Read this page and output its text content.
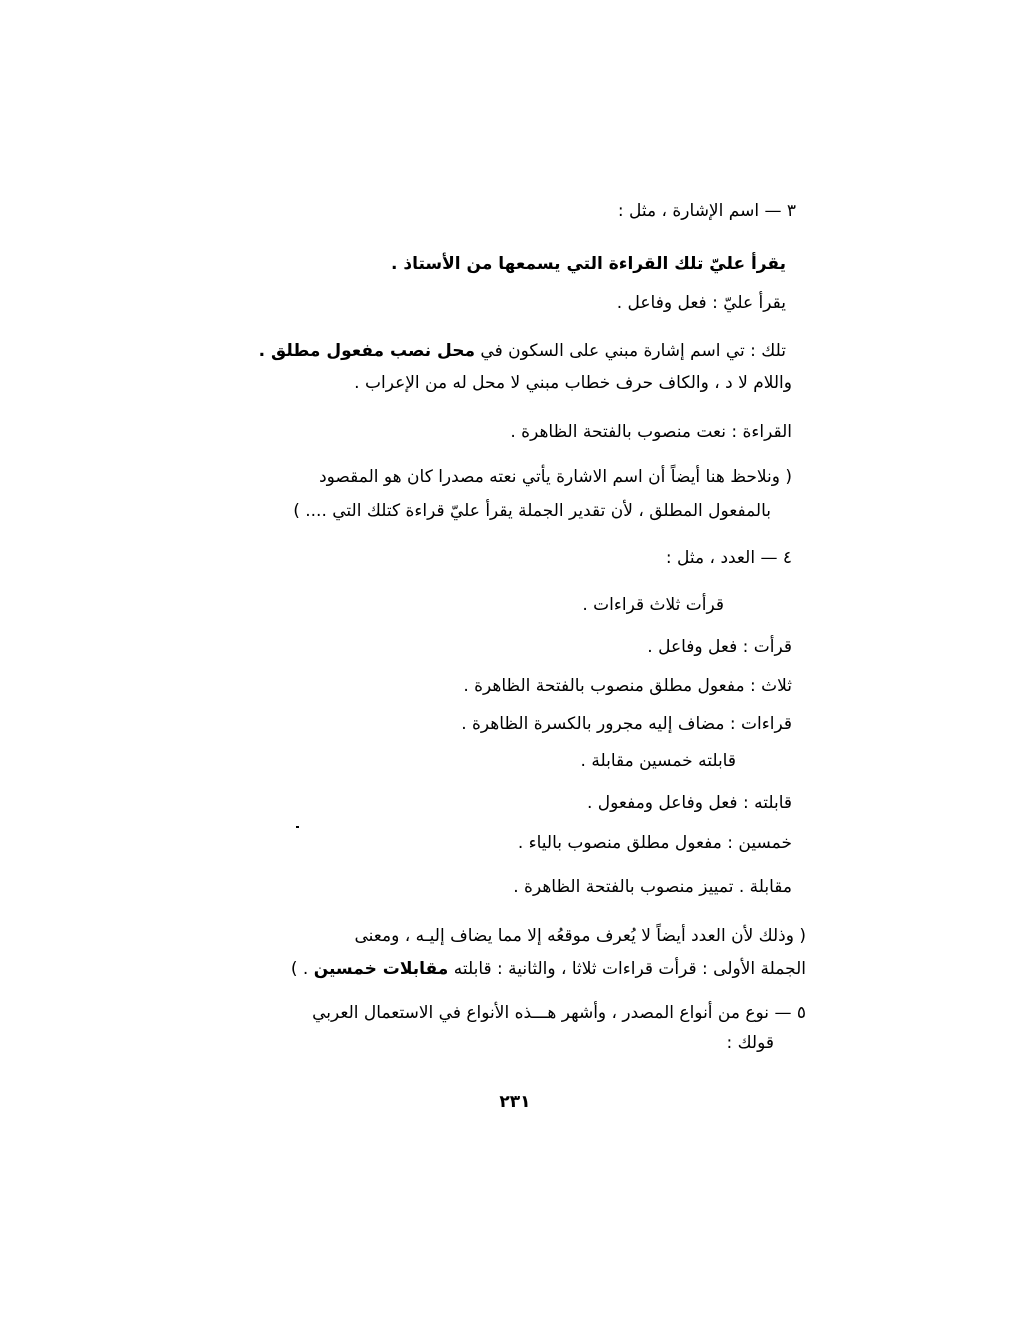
٣ — اسم الإشارة ، مثل :
يقرأ عليّ تلك القراءة التي يسمعها من الأستاذ .
يقرأ عليّ : فعل وفاعل .
تلك : تي اسم إشارة مبني على السكون في محل نصب مفعول مطلق .
واللام لا د ، والكاف حرف خطاب مبني لا محل له من الإعراب .
القراءة : نعت منصوب بالفتحة الظاهرة .
( ونلاحظ هنا أيضاً أن اسم الاشارة يأتي نعته مصدرا كان هو المقصود
بالمفعول المطلق ، لأن تقدير الجملة يقرأ عليّ قراءة كتلك التي .... )
٤ — العدد ، مثل :
قرأت ثلاث قراءات .
قرأت : فعل وفاعل .
ثلاث : مفعول مطلق منصوب بالفتحة الظاهرة .
قراءات : مضاف إليه مجرور بالكسرة الظاهرة .
قابلته خمسين مقابلة .
قابلته : فعل وفاعل ومفعول .
خمسين : مفعول مطلق منصوب بالياء .
مقابلة . تمييز منصوب بالفتحة الظاهرة .
( وذلك لأن العدد أيضاً لا يُعرف موقعُه إلا مما يضاف إليـه ، ومعنى
الجملة الأولى : قرأت قراءات ثلاثا ، والثانية : قابلته مقابلات خمسين . )
٥ — نوع من أنواع المصدر ، وأشهر هـــذه الأنواع في الاستعمال العربي
قولك :
٢٣١
